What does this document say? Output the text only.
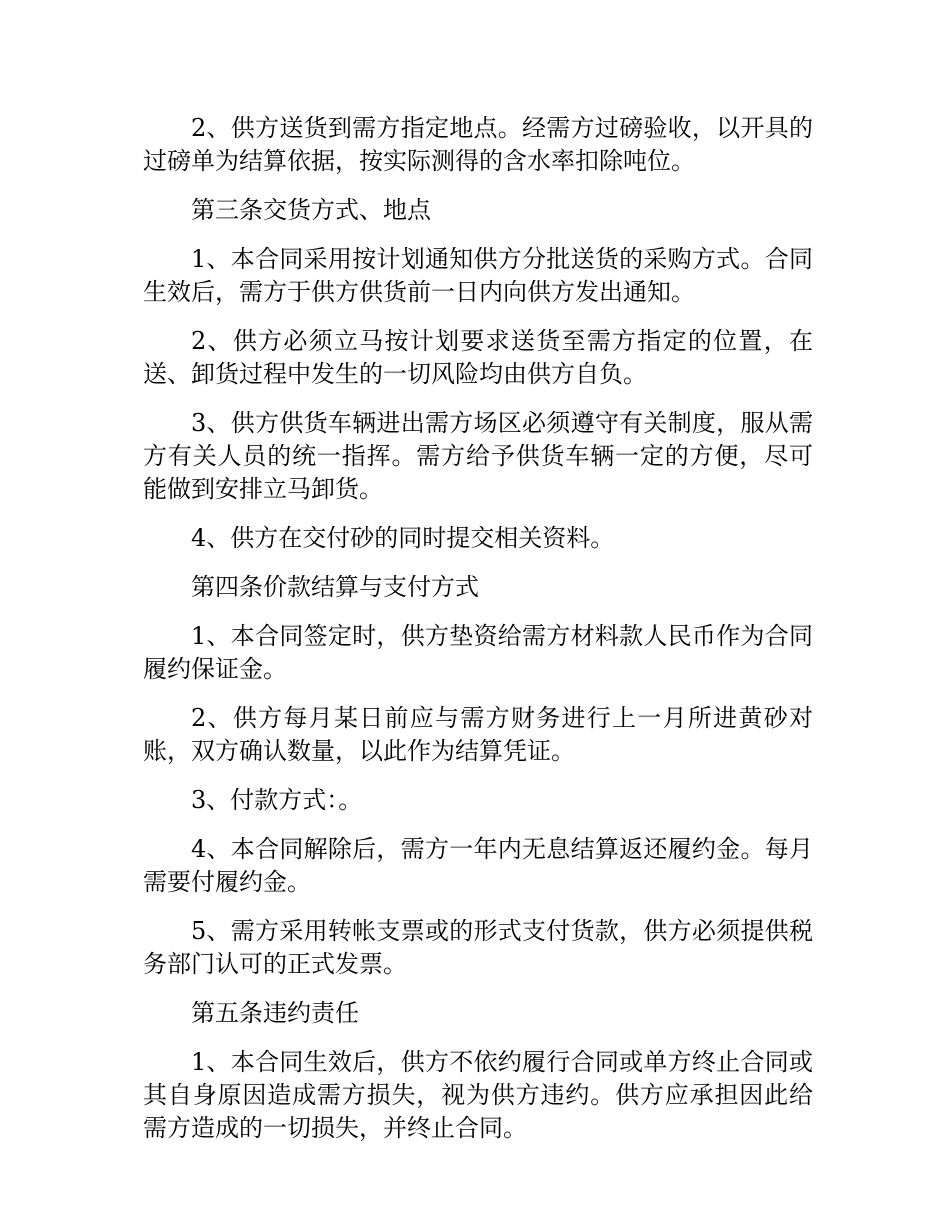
2、供方送货到需方指定地点。经需方过磅验收，以开具的过磅单为结算依据，按实际测得的含水率扣除吨位。

第三条交货方式、地点

1、本合同采用按计划通知供方分批送货的采购方式。合同生效后，需方于供方供货前一日内向供方发出通知。

2、供方必须立马按计划要求送货至需方指定的位置，在送、卸货过程中发生的一切风险均由供方自负。

3、供方供货车辆进出需方场区必须遵守有关制度，服从需方有关人员的统一指挥。需方给予供货车辆一定的方便，尽可能做到安排立马卸货。

4、供方在交付砂的同时提交相关资料。

第四条价款结算与支付方式

1、本合同签定时，供方垫资给需方材料款人民币作为合同履约保证金。

2、供方每月某日前应与需方财务进行上一月所进黄砂对账，双方确认数量，以此作为结算凭证。

3、付款方式：。

4、本合同解除后，需方一年内无息结算返还履约金。每月需要付履约金。

5、需方采用转帐支票或的形式支付货款，供方必须提供税务部门认可的正式发票。

第五条违约责任

1、本合同生效后，供方不依约履行合同或单方终止合同或其自身原因造成需方损失，视为供方违约。供方应承担因此给需方造成的一切损失，并终止合同。
